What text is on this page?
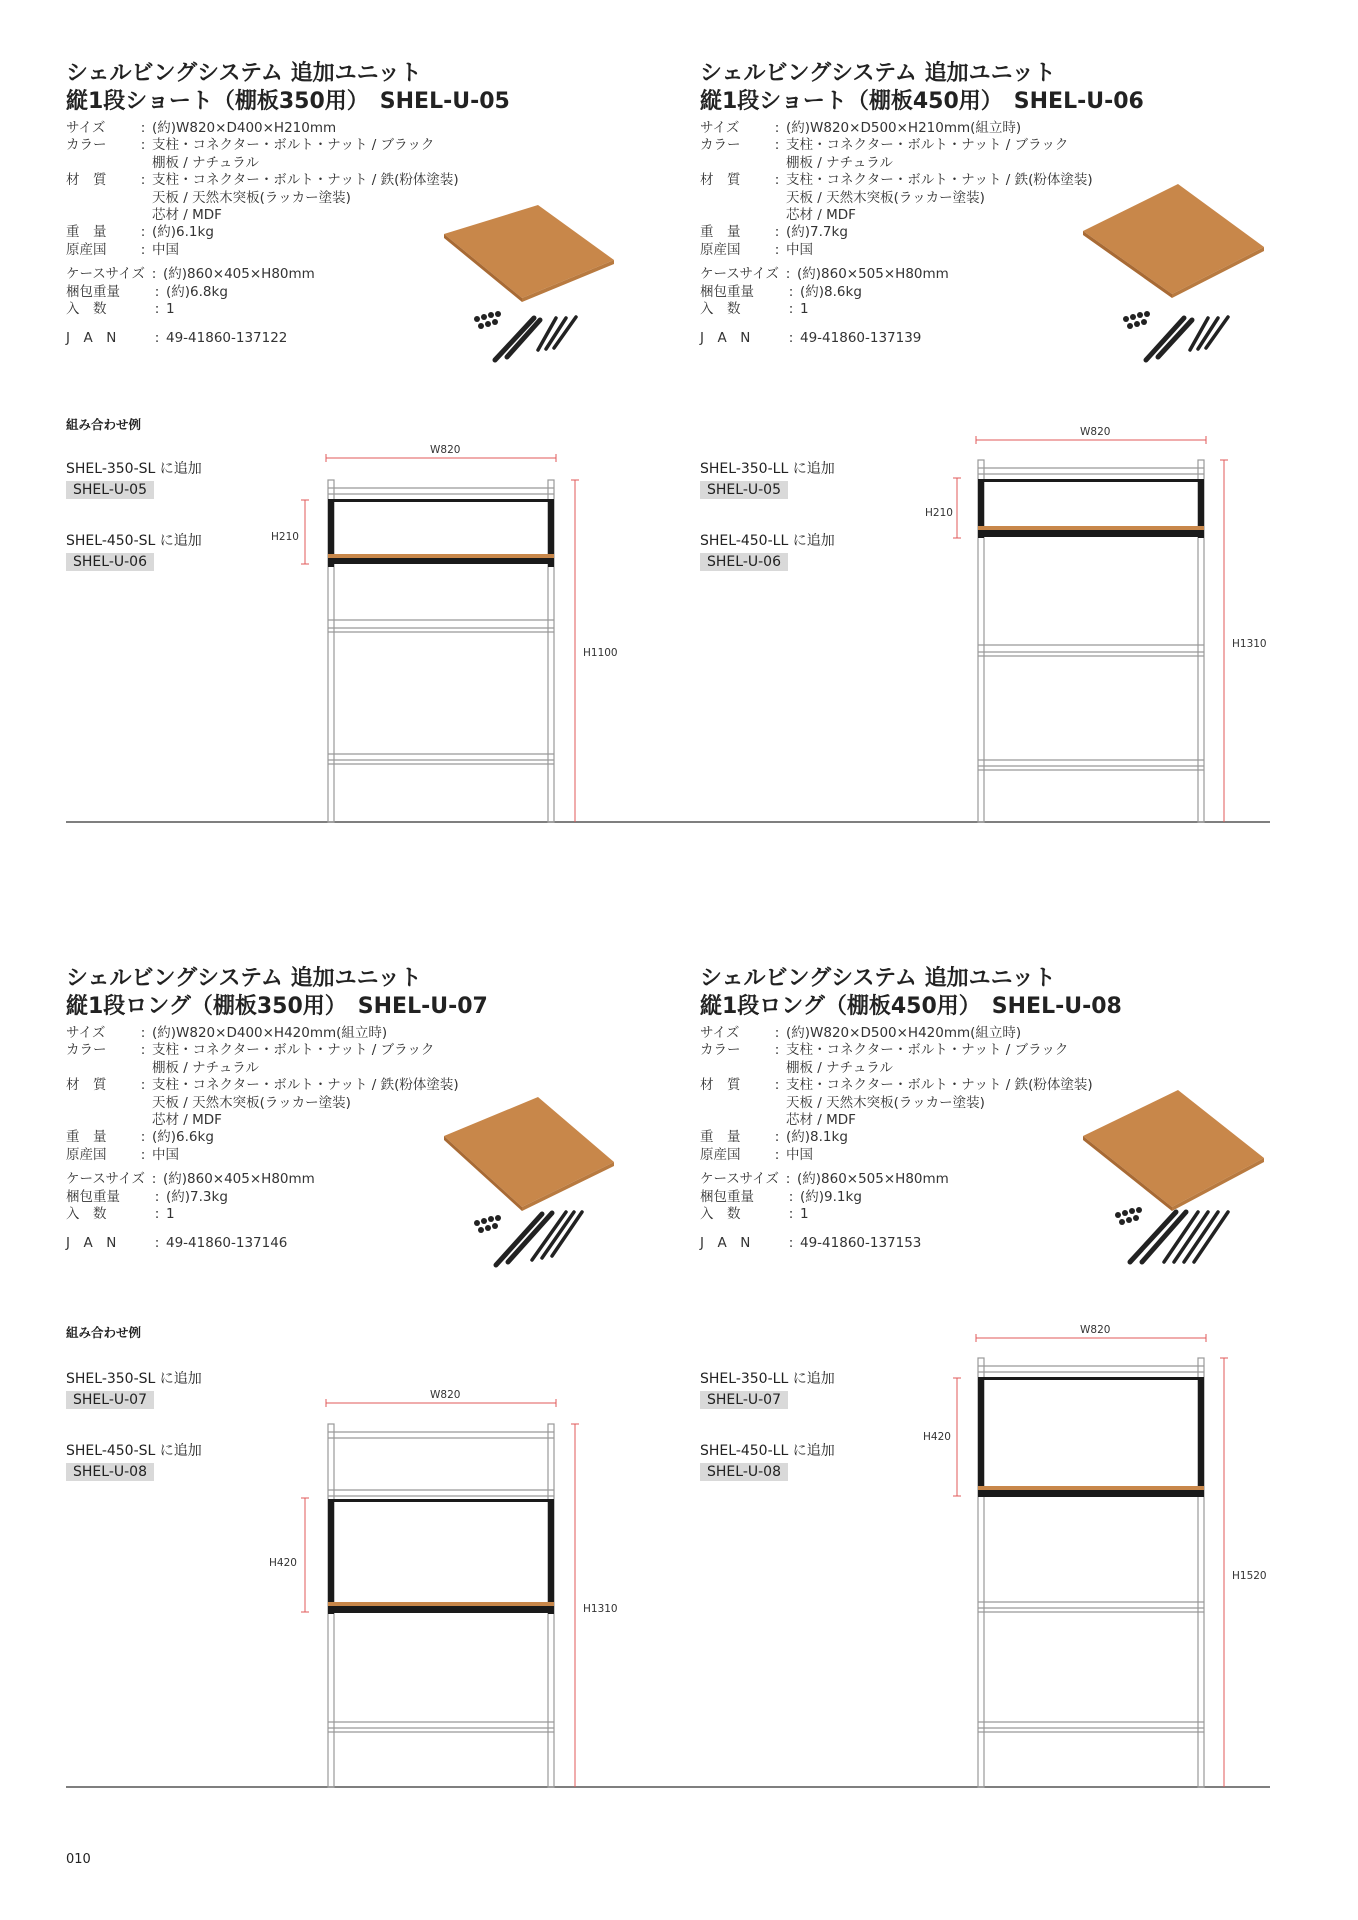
シェルビングシステム 追加ユニット
縦1段ショート（棚板350用）　SHEL-U-05
サイズ	: (約)W820×D400×H210mm
カラー	: 支柱・コネクター・ボルト・ナット / ブラック
棚板 / ナチュラル
材　質	: 支柱・コネクター・ボルト・ナット / 鉄(粉体塗装)
天板 / 天然木突板(ラッカー塗装)
芯材 / MDF
重　量	: (約)6.1kg
原産国	: 中国
ケースサイズ : (約)860×405×H80mm
梱包重量	: (約)6.8kg
入　数	: 1
J　A　N	: 49-41860-137122
シェルビングシステム 追加ユニット
縦1段ショート（棚板450用）　SHEL-U-06
サイズ	: (約)W820×D500×H210mm(組立時)
カラー	: 支柱・コネクター・ボルト・ナット / ブラック
棚板 / ナチュラル
材　質	: 支柱・コネクター・ボルト・ナット / 鉄(粉体塗装)
天板 / 天然木突板(ラッカー塗装)
芯材 / MDF
重　量	: (約)7.7kg
原産国	: 中国
ケースサイズ : (約)860×505×H80mm
梱包重量	: (約)8.6kg
入　数	: 1
J　A　N	: 49-41860-137139
シェルビングシステム 追加ユニット
縦1段ロング（棚板350用）　SHEL-U-07
サイズ	: (約)W820×D400×H420mm(組立時)
カラー	: 支柱・コネクター・ボルト・ナット / ブラック
棚板 / ナチュラル
材　質	: 支柱・コネクター・ボルト・ナット / 鉄(粉体塗装)
天板 / 天然木突板(ラッカー塗装)
芯材 / MDF
重　量	: (約)6.6kg
原産国	: 中国
ケースサイズ : (約)860×405×H80mm
梱包重量	: (約)7.3kg
入　数	: 1
J　A　N	: 49-41860-137146
シェルビングシステム 追加ユニット
縦1段ロング（棚板450用）　SHEL-U-08
サイズ	: (約)W820×D500×H420mm(組立時)
カラー	: 支柱・コネクター・ボルト・ナット / ブラック
棚板 / ナチュラル
材　質	: 支柱・コネクター・ボルト・ナット / 鉄(粉体塗装)
天板 / 天然木突板(ラッカー塗装)
芯材 / MDF
重　量	: (約)8.1kg
原産国	: 中国
ケースサイズ : (約)860×505×H80mm
梱包重量	: (約)9.1kg
入　数	: 1
J　A　N	: 49-41860-137153
組み合わせ例
SHEL-350-SL に追加
SHEL-U-05
SHEL-450-SL に追加
SHEL-U-06
SHEL-350-LL に追加
SHEL-U-05
SHEL-450-LL に追加
SHEL-U-06
組み合わせ例
SHEL-350-SL に追加
SHEL-U-07
SHEL-450-SL に追加
SHEL-U-08
SHEL-350-LL に追加
SHEL-U-07
SHEL-450-LL に追加
SHEL-U-08
W820
H210
H1100
W820
H210
H1310
W820
H420
H1310
W820
H420
H1520
010
